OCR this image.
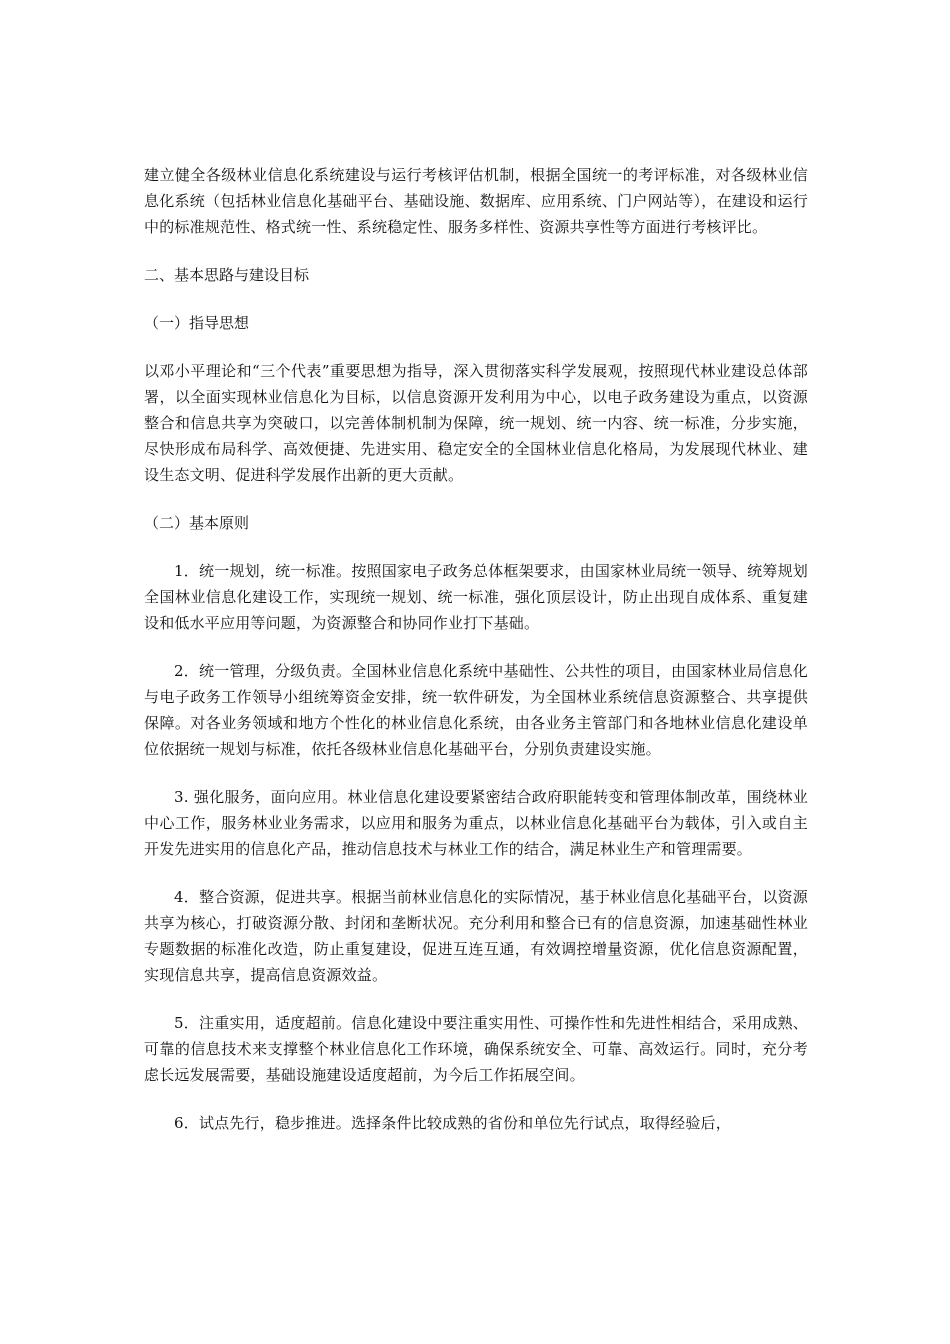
建立健全各级林业信息化系统建设与运行考核评估机制，根据全国统一的考评标准，对各级林业信息化系统（包括林业信息化基础平台、基础设施、数据库、应用系统、门户网站等），在建设和运行中的标准规范性、格式统一性、系统稳定性、服务多样性、资源共享性等方面进行考核评比。

二、基本思路与建设目标

（一）指导思想

以邓小平理论和“三个代表”重要思想为指导，深入贯彻落实科学发展观，按照现代林业建设总体部署，以全面实现林业信息化为目标，以信息资源开发利用为中心，以电子政务建设为重点，以资源整合和信息共享为突破口，以完善体制机制为保障，统一规划、统一内容、统一标准，分步实施，尽快形成布局科学、高效便捷、先进实用、稳定安全的全国林业信息化格局，为发展现代林业、建设生态文明、促进科学发展作出新的更大贡献。

（二）基本原则

1．统一规划，统一标准。按照国家电子政务总体框架要求，由国家林业局统一领导、统筹规划全国林业信息化建设工作，实现统一规划、统一标准，强化顶层设计，防止出现自成体系、重复建设和低水平应用等问题，为资源整合和协同作业打下基础。

2．统一管理，分级负责。全国林业信息化系统中基础性、公共性的项目，由国家林业局信息化与电子政务工作领导小组统筹资金安排，统一软件研发，为全国林业系统信息资源整合、共享提供保障。对各业务领域和地方个性化的林业信息化系统，由各业务主管部门和各地林业信息化建设单位依据统一规划与标准，依托各级林业信息化基础平台，分别负责建设实施。

3. 强化服务，面向应用。林业信息化建设要紧密结合政府职能转变和管理体制改革，围绕林业中心工作，服务林业业务需求，以应用和服务为重点，以林业信息化基础平台为载体，引入或自主开发先进实用的信息化产品，推动信息技术与林业工作的结合，满足林业生产和管理需要。

4．整合资源，促进共享。根据当前林业信息化的实际情况，基于林业信息化基础平台，以资源共享为核心，打破资源分散、封闭和垄断状况。充分利用和整合已有的信息资源，加速基础性林业专题数据的标准化改造，防止重复建设，促进互连互通，有效调控增量资源，优化信息资源配置，实现信息共享，提高信息资源效益。

5．注重实用，适度超前。信息化建设中要注重实用性、可操作性和先进性相结合，采用成熟、可靠的信息技术来支撑整个林业信息化工作环境，确保系统安全、可靠、高效运行。同时，充分考虑长远发展需要，基础设施建设适度超前，为今后工作拓展空间。

6．试点先行，稳步推进。选择条件比较成熟的省份和单位先行试点，取得经验后，
